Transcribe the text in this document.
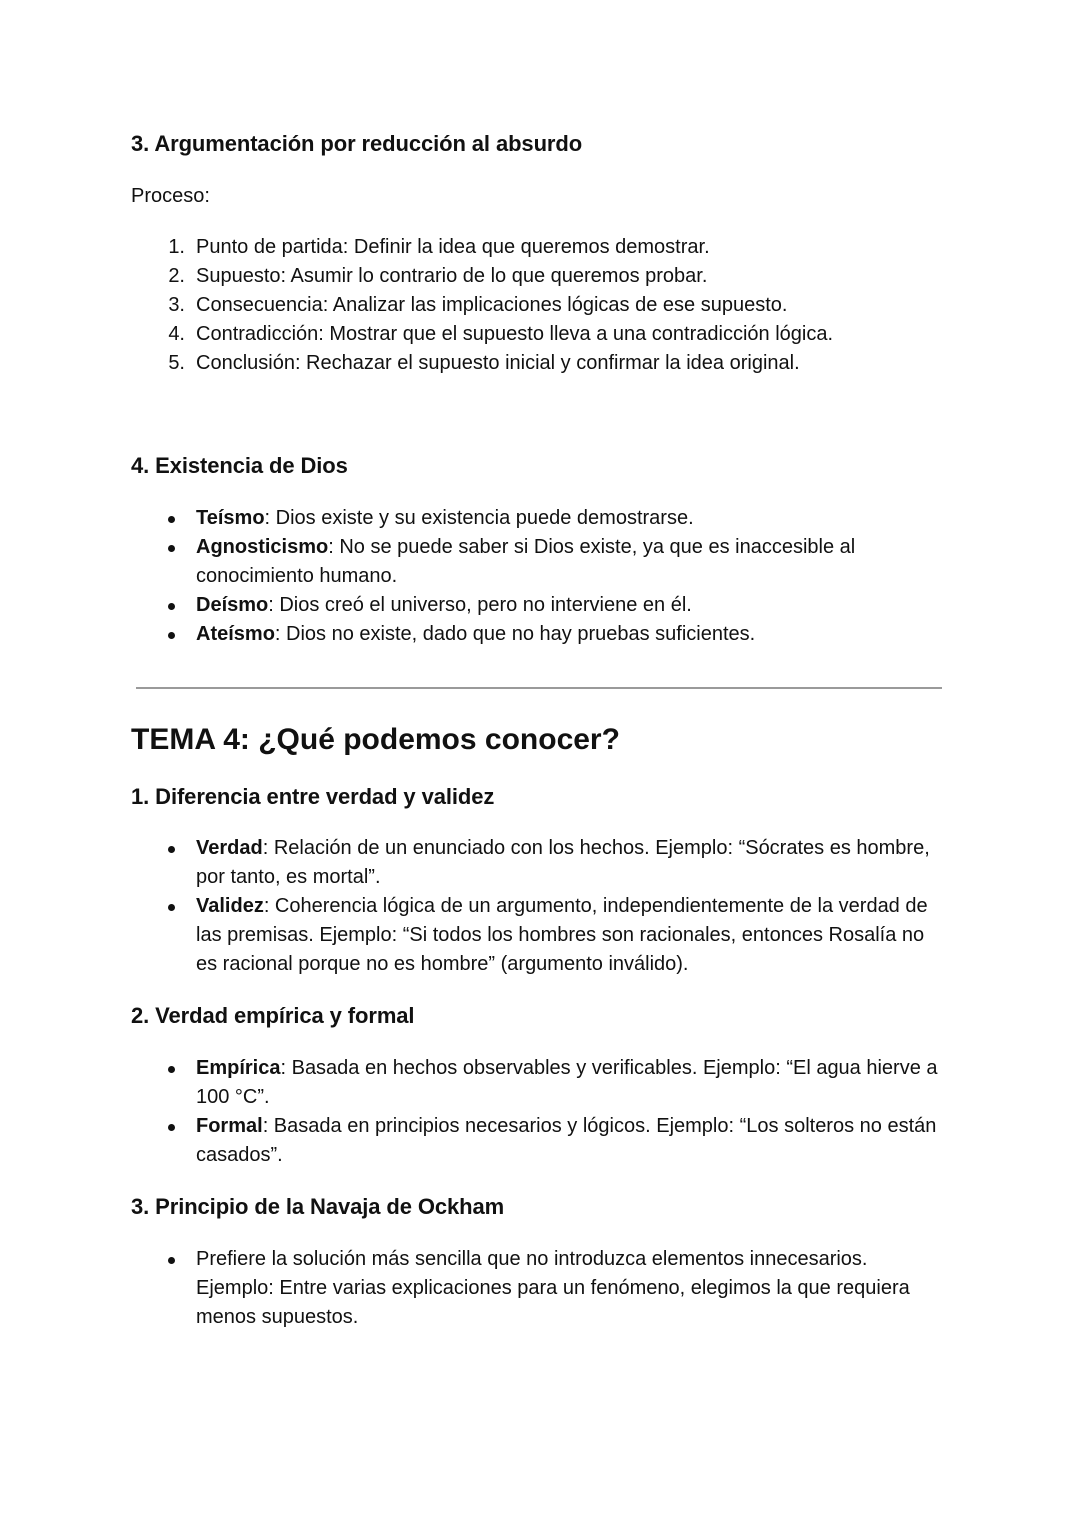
3. Argumentación por reducción al absurdo
Proceso:
1. Punto de partida: Definir la idea que queremos demostrar.
2. Supuesto: Asumir lo contrario de lo que queremos probar.
3. Consecuencia: Analizar las implicaciones lógicas de ese supuesto.
4. Contradicción: Mostrar que el supuesto lleva a una contradicción lógica.
5. Conclusión: Rechazar el supuesto inicial y confirmar la idea original.
4. Existencia de Dios
Teísmo: Dios existe y su existencia puede demostrarse.
Agnosticismo: No se puede saber si Dios existe, ya que es inaccesible al conocimiento humano.
Deísmo: Dios creó el universo, pero no interviene en él.
Ateísmo: Dios no existe, dado que no hay pruebas suficientes.
TEMA 4: ¿Qué podemos conocer?
1. Diferencia entre verdad y validez
Verdad: Relación de un enunciado con los hechos. Ejemplo: “Sócrates es hombre, por tanto, es mortal”.
Validez: Coherencia lógica de un argumento, independientemente de la verdad de las premisas. Ejemplo: “Si todos los hombres son racionales, entonces Rosalía no es racional porque no es hombre” (argumento inválido).
2. Verdad empírica y formal
Empírica: Basada en hechos observables y verificables. Ejemplo: “El agua hierve a 100 °C”.
Formal: Basada en principios necesarios y lógicos. Ejemplo: “Los solteros no están casados”.
3. Principio de la Navaja de Ockham
Prefiere la solución más sencilla que no introduzca elementos innecesarios. Ejemplo: Entre varias explicaciones para un fenómeno, elegimos la que requiera menos supuestos.
